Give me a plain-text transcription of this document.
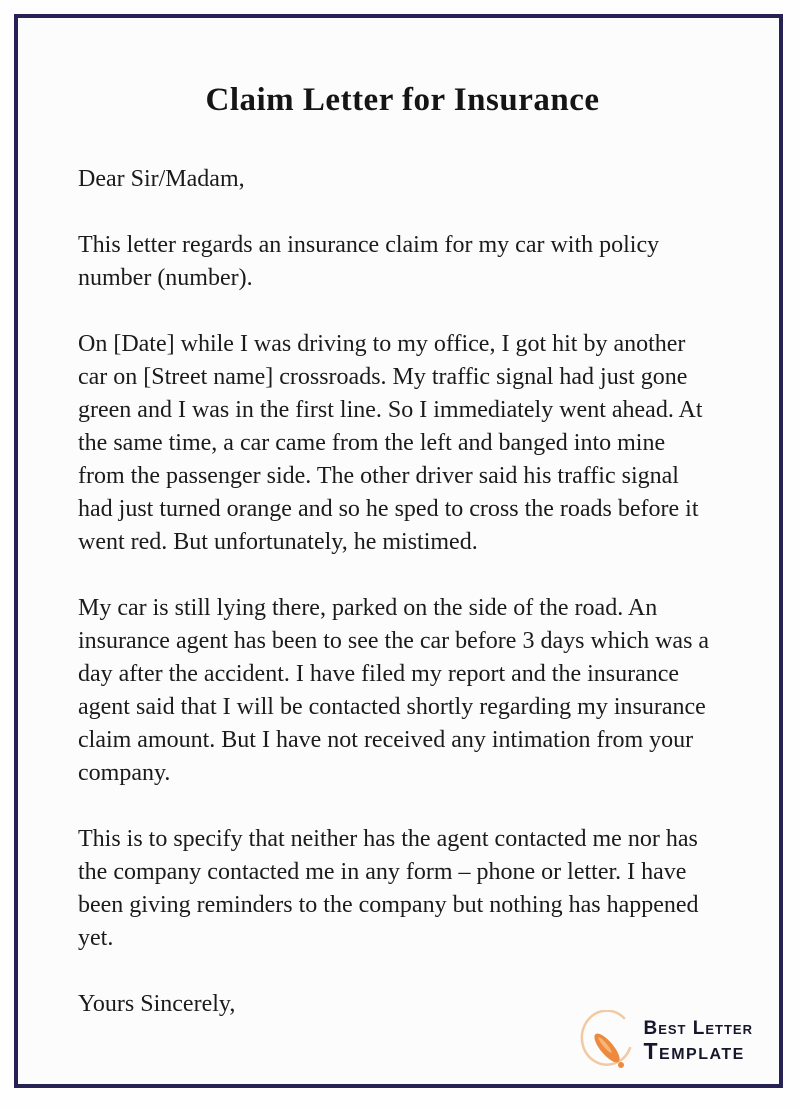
Claim Letter for Insurance

Dear Sir/Madam,

This letter regards an insurance claim for my car with policy number (number).

On [Date] while I was driving to my office, I got hit by another car on [Street name] crossroads. My traffic signal had just gone green and I was in the first line. So I immediately went ahead. At the same time, a car came from the left and banged into mine from the passenger side. The other driver said his traffic signal had just turned orange and so he sped to cross the roads before it went red. But unfortunately, he mistimed.

My car is still lying there, parked on the side of the road. An insurance agent has been to see the car before 3 days which was a day after the accident. I have filed my report and the insurance agent said that I will be contacted shortly regarding my insurance claim amount. But I have not received any intimation from your company.

This is to specify that neither has the agent contacted me nor has the company contacted me in any form – phone or letter. I have been giving reminders to the company but nothing has happened yet.

Yours Sincerely,

Best Letter
Template
